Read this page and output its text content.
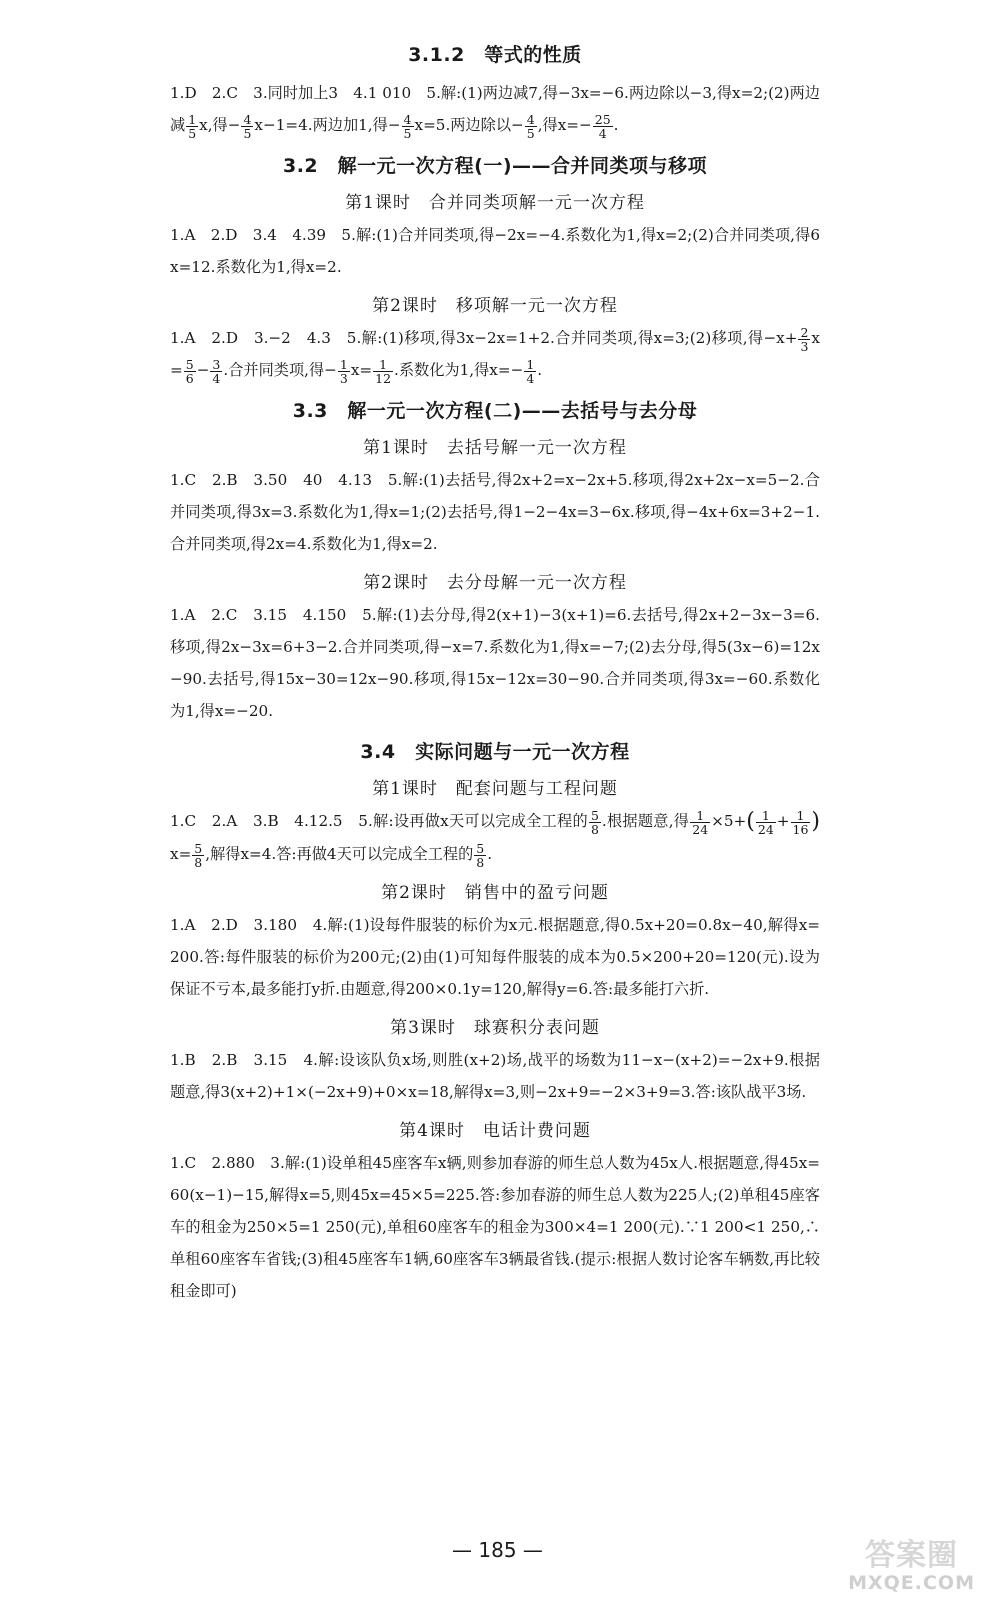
3.1.2　等式的性质

1.D　2.C　3.同时加上3　4.1 010　5.解:(1)两边减7,得−3x=−6.两边除以−3,得x=2;(2)两边减 $\frac{1}{5} x$,得− $\frac{4}{5} x-1=4$.两边加1,得− $\frac{4}{5} x=5$.两边除以− $\frac{4}{5}$ ,得$x=- \frac{25}{4}$ .

3.2　解一元一次方程(一)——合并同类项与移项
第1课时　合并同类项解一元一次方程

1.A　2.D　3.4　4.39　5.解:(1)合并同类项,得−2x=−4.系数化为1,得x=2;(2)合并同类项,得6x=12.系数化为1,得x=2.

第2课时　移项解一元一次方程

1.A　2.D　3.−2　4.3　5.解:(1)移项,得3x−2x=1+2.合并同类项,得x=3;(2)移项,得$-x+ \frac{2}{3} x= \frac{5}{6} - \frac{3}{4}$ .合并同类项,得− $\frac{1}{3} x= \frac{1}{12}$ .系数化为1,得$x=- \frac{1}{4}$ .

3.3　解一元一次方程(二)——去括号与去分母
第1课时　去括号解一元一次方程

1.C　2.B　3.50　40　4.13　5.解:(1)去括号,得2x+2=x−2x+5.移项,得2x+2x−x=5−2.合并同类项,得3x=3.系数化为1,得x=1;(2)去括号,得1−2−4x=3−6x.移项,得−4x+6x=3+2−1.合并同类项,得2x=4.系数化为1,得x=2.

第2课时　去分母解一元一次方程

1.A　2.C　3.15　4.150　5.解:(1)去分母,得2(x+1)−3(x+1)=6.去括号,得2x+2−3x−3=6.移项,得2x−3x=6+3−2.合并同类项,得−x=7.系数化为1,得x=−7;(2)去分母,得5(3x−6)=12x−90.去括号,得15x−30=12x−90.移项,得15x−12x=30−90.合并同类项,得3x=−60.系数化为1,得x=−20.

3.4　实际问题与一元一次方程
第1课时　配套问题与工程问题

1.C　2.A　3.B　4.12.5　5.解:设再做x天可以完成全工程的 $\frac{5}{8}$ .根据题意,得 $\frac{1}{24} \times 5+( \frac{1}{24} + \frac{1}{16} )x= \frac{5}{8}$ ,解得x=4.答:再做4天可以完成全工程的 $\frac{5}{8}$ .

第2课时　销售中的盈亏问题

1.A　2.D　3.180　4.解:(1)设每件服装的标价为x元.根据题意,得0.5x+20=0.8x−40,解得x=200.答:每件服装的标价为200元;(2)由(1)可知每件服装的成本为0.5×200+20=120(元).设为保证不亏本,最多能打y折.由题意,得200×0.1y=120,解得y=6.答:最多能打六折.

第3课时　球赛积分表问题

1.B　2.B　3.15　4.解:设该队负x场,则胜(x+2)场,战平的场数为11−x−(x+2)=−2x+9.根据题意,得3(x+2)+1×(−2x+9)+0×x=18,解得x=3,则−2x+9=−2×3+9=3.答:该队战平3场.

第4课时　电话计费问题

1.C　2.880　3.解:(1)设单租45座客车x辆,则参加春游的师生总人数为45x人.根据题意,得45x=60(x−1)−15,解得x=5,则45x=45×5=225.答:参加春游的师生总人数为225人;(2)单租45座客车的租金为250×5=1 250(元),单租60座客车的租金为300×4=1 200(元).∵1 200<1 250,∴单租60座客车省钱;(3)租45座客车1辆,60座客车3辆最省钱.(提示:根据人数讨论客车辆数,再比较租金即可)

— 185 —	答案圈
MXQE.COM
